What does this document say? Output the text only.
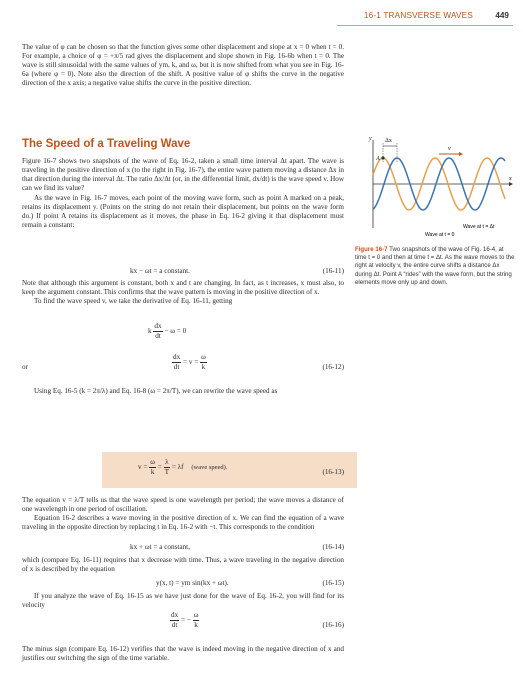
16-1 TRANSVERSE WAVES	449

The value of φ can be chosen so that the function gives some other displacement and slope at x = 0 when t = 0. For example, a choice of φ = +π/5 rad gives the displacement and slope shown in Fig. 16-6b when t = 0. The wave is still sinusoidal with the same values of ym, k, and ω, but it is now shifted from what you see in Fig. 16-6a (where φ = 0). Note also the direction of the shift. A positive value of φ shifts the curve in the negative direction of the x axis; a negative value shifts the curve in the positive direction.

The Speed of a Traveling Wave

Figure 16-7 shows two snapshots of the wave of Eq. 16-2, taken a small time interval Δt apart. The wave is traveling in the positive direction of x (to the right in Fig. 16-7), the entire wave pattern moving a distance Δx in that direction during the interval Δt. The ratio Δx/Δt (or, in the differential limit, dx/dt) is the wave speed v. How can we find its value?

As the wave in Fig. 16-7 moves, each point of the moving wave form, such as point A marked on a peak, retains its displacement y. (Points on the string do not retain their displacement, but points on the wave form do.) If point A retains its displacement as it moves, the phase in Eq. 16-2 giving it that displacement must remain a constant:

kx − ωt = a constant.	(16-11)

Note that although this argument is constant, both x and t are changing. In fact, as t increases, x must also, to keep the argument constant. This confirms that the wave pattern is moving in the positive direction of x.

To find the wave speed v, we take the derivative of Eq. 16-11, getting

k $\frac{dx}{dt} - \omega = 0$
or	$\frac{dx}{dt} = v = \frac{\omega}{k}$	(16-12)

Using Eq. 16-5 (k = 2π/λ) and Eq. 16-8 (ω = 2π/T), we can rewrite the wave speed as

$v = \frac{\omega}{k} = \frac{\lambda}{T} = \lambda f$ (wave speed).
(16-13)

The equation v = λ/T tells us that the wave speed is one wavelength per period; the wave moves a distance of one wavelength in one period of oscillation.

Equation 16-2 describes a wave moving in the positive direction of x. We can find the equation of a wave traveling in the opposite direction by replacing t in Eq. 16-2 with −t. This corresponds to the condition

kx + ωt = a constant,	(16-14)

which (compare Eq. 16-11) requires that x decrease with time. Thus, a wave traveling in the negative direction of x is described by the equation

y(x, t) = ym sin(kx + ωt).	(16-15)

If you analyze the wave of Eq. 16-15 as we have just done for the wave of Eq. 16-2, you will find for its velocity

$\frac{dx}{dt}$ = − $\frac{\omega}{k}$	(16-16)

The minus sign (compare Eq. 16-12) verifies that the wave is indeed moving in the negative direction of x and justifies our switching the sign of the time variable.

y
x
Δx
A
v
Wave at t = Δt
Wave at t = 0
Figure 16-7 Two snapshots of the wave of Fig. 16-4, at time t = 0 and then at time t = Δt. As the wave moves to the right at velocity v, the entire curve shifts a distance Δx during Δt. Point A “rides” with the wave form, but the string elements move only up and down.
